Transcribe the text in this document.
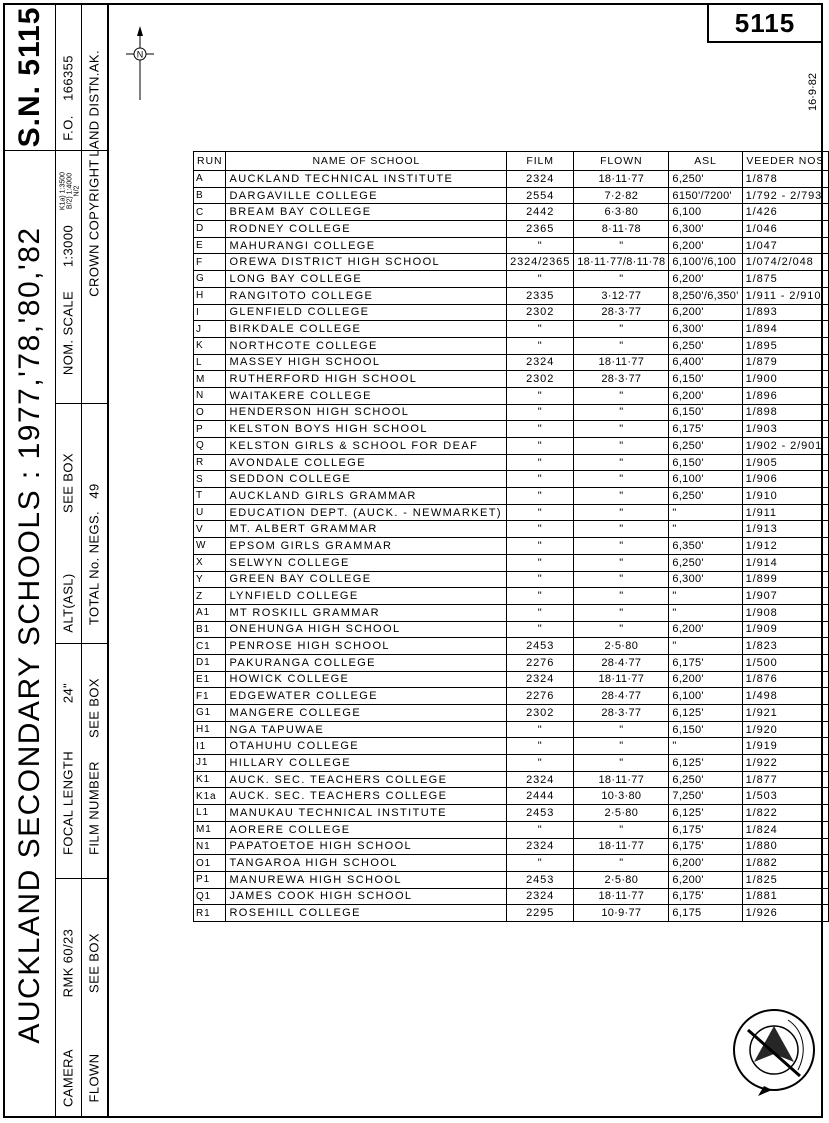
AUCKLAND SECONDARY SCHOOLS : 1977,'78,'80,'82
S.N. 5115
CAMERA
RMK 60/23
FOCAL LENGTH
24"
ALT(ASL)
SEE BOX
NOM. SCALE
1:3000
K1a) 1:3500 B/2) 1:4000 N/2
F.O.
166355
FLOWN
SEE BOX
FILM NUMBER
SEE BOX
TOTAL No. NEGS.
49
CROWN COPYRIGHT
LAND DIST
N.AK.
5115
16·9·82
N
RUN	NAME OF SCHOOL	FILM	FLOWN	ASL	VEEDER NOS
A	AUCKLAND TECHNICAL INSTITUTE	2324	18·11·77	6,250'	1/878
B	DARGAVILLE COLLEGE	2554	7·2·82	6150'/7200'	1/792 - 2/793
C	BREAM BAY COLLEGE	2442	6·3·80	6,100	1/426
D	RODNEY COLLEGE	2365	8·11·78	6,300'	1/046
E	MAHURANGI COLLEGE	"	"	6,200'	1/047
F	OREWA DISTRICT HIGH SCHOOL	2324/2365	18·11·77/8·11·78	6,100'/6,100	1/074/2/048
G	LONG BAY COLLEGE	"	"	6,200'	1/875
H	RANGITOTO COLLEGE	2335	3·12·77	8,250'/6,350'	1/911 - 2/910
I	GLENFIELD COLLEGE	2302	28·3·77	6,200'	1/893
J	BIRKDALE COLLEGE	"	"	6,300'	1/894
K	NORTHCOTE COLLEGE	"	"	6,250'	1/895
L	MASSEY HIGH SCHOOL	2324	18·11·77	6,400'	1/879
M	RUTHERFORD HIGH SCHOOL	2302	28·3·77	6,150'	1/900
N	WAITAKERE COLLEGE	"	"	6,200'	1/896
O	HENDERSON HIGH SCHOOL	"	"	6,150'	1/898
P	KELSTON BOYS HIGH SCHOOL	"	"	6,175'	1/903
Q	KELSTON GIRLS & SCHOOL FOR DEAF	"	"	6,250'	1/902 - 2/901
R	AVONDALE COLLEGE	"	"	6,150'	1/905
S	SEDDON COLLEGE	"	"	6,100'	1/906
T	AUCKLAND GIRLS GRAMMAR	"	"	6,250'	1/910
U	EDUCATION DEPT. (AUCK. - NEWMARKET)	"	"	"	1/911
V	MT. ALBERT GRAMMAR	"	"	"	1/913
W	EPSOM GIRLS GRAMMAR	"	"	6,350'	1/912
X	SELWYN COLLEGE	"	"	6,250'	1/914
Y	GREEN BAY COLLEGE	"	"	6,300'	1/899
Z	LYNFIELD COLLEGE	"	"	"	1/907
A1	MT ROSKILL GRAMMAR	"	"	"	1/908
B1	ONEHUNGA HIGH SCHOOL	"	"	6,200'	1/909
C1	PENROSE HIGH SCHOOL	2453	2·5·80	"	1/823
D1	PAKURANGA COLLEGE	2276	28·4·77	6,175'	1/500
E1	HOWICK COLLEGE	2324	18·11·77	6,200'	1/876
F1	EDGEWATER COLLEGE	2276	28·4·77	6,100'	1/498
G1	MANGERE COLLEGE	2302	28·3·77	6,125'	1/921
H1	NGA TAPUWAE	"	"	6,150'	1/920
I1	OTAHUHU COLLEGE	"	"	"	1/919
J1	HILLARY COLLEGE	"	"	6,125'	1/922
K1	AUCK. SEC. TEACHERS COLLEGE	2324	18·11·77	6,250'	1/877
K1a	AUCK. SEC. TEACHERS COLLEGE	2444	10·3·80	7,250'	1/503
L1	MANUKAU TECHNICAL INSTITUTE	2453	2·5·80	6,125'	1/822
M1	AORERE COLLEGE	"	"	6,175'	1/824
N1	PAPATOETOE HIGH SCHOOL	2324	18·11·77	6,175'	1/880
O1	TANGAROA HIGH SCHOOL	"	"	6,200'	1/882
P1	MANUREWA HIGH SCHOOL	2453	2·5·80	6,200'	1/825
Q1	JAMES COOK HIGH SCHOOL	2324	18·11·77	6,175'	1/881
R1	ROSEHILL COLLEGE	2295	10·9·77	6,175	1/926
